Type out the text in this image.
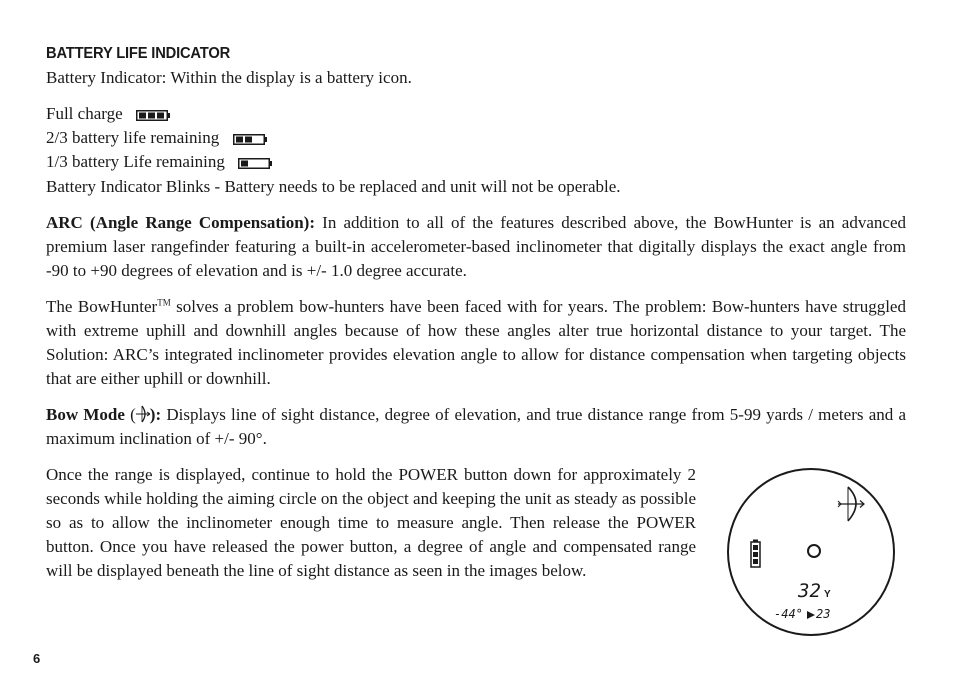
BATTERY LIFE INDICATOR
Battery Indicator: Within the display is a battery icon.
Full charge
2/3 battery life remaining
1/3 battery Life remaining
Battery Indicator Blinks - Battery needs to be replaced and unit will not be operable.
ARC (Angle Range Compensation): In addition to all of the features described above, the BowHunter is an advanced premium laser rangefinder featuring a built-in accelerometer-based inclinometer that digitally displays the exact angle from -90 to +90 degrees of elevation and is +/- 1.0 degree accurate.
The BowHunter™ solves a problem bow-hunters have been faced with for years. The problem: Bow-hunters have struggled with extreme uphill and downhill angles because of how these angles alter true horizontal distance to your target. The Solution: ARC’s integrated inclinometer provides elevation angle to allow for distance compensation when targeting objects that are either uphill or downhill.
Bow Mode ( ): Displays line of sight distance, degree of elevation, and true distance range from 5-99 yards / meters and a maximum inclination of +/- 90°.
Once the range is displayed, continue to hold the POWER button down for approximately 2 seconds while holding the aiming circle on the object and keeping the unit as steady as possible so as to allow the inclinometer enough time to measure angle. Then release the POWER button. Once you have released the power button, a degree of angle and compensated range will be displayed beneath the line of sight distance as seen in the images below.
32 Y
-44° 23
6
